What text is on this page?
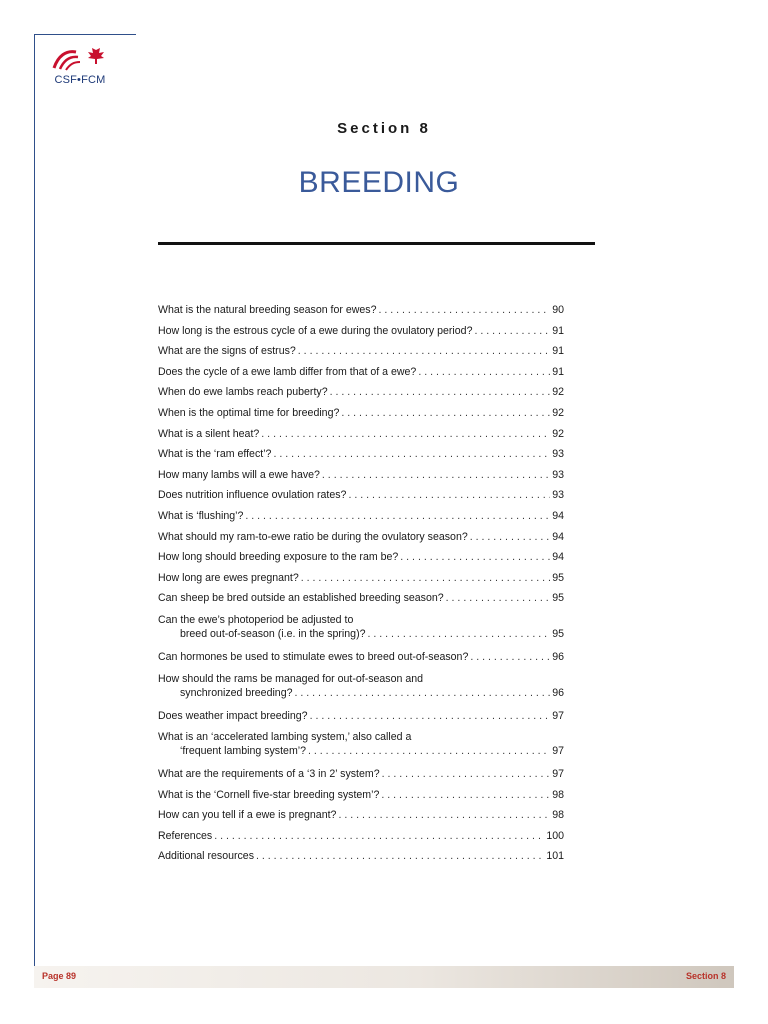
CSF•FCM
Section 8
BREEDING
What is the natural breeding season for ewes? . . .	90
How long is the estrous cycle of a ewe during the ovulatory period? . . .	91
What are the signs of estrus? . . .	91
Does the cycle of a ewe lamb differ from that of a ewe? . . .	91
When do ewe lambs reach puberty? . . .	92
When is the optimal time for breeding? . . .	92
What is a silent heat? . . .	92
What is the ‘ram effect’? . . .	93
How many lambs will a ewe have? . . .	93
Does nutrition influence ovulation rates? . . .	93
What is ‘flushing’? . . .	94
What should my ram-to-ewe ratio be during the ovulatory season? . . .	94
How long should breeding exposure to the ram be? . . .	94
How long are ewes pregnant? . . .	95
Can sheep be bred outside an established breeding season? . . .	95
Can the ewe’s photoperiod be adjusted to
breed out-of-season (i.e. in the spring)? . . .	95
Can hormones be used to stimulate ewes to breed out-of-season? . . .	96
How should the rams be managed for out-of-season and
synchronized breeding? . . .	96
Does weather impact breeding? . . .	97
What is an ‘accelerated lambing system,’ also called a
‘frequent lambing system’? . . .	97
What are the requirements of a ‘3 in 2’ system? . . .	97
What is the ‘Cornell five-star breeding system’? . . .	98
How can you tell if a ewe is pregnant? . . .	98
References . . .	100
Additional resources . . .	101
Page 89	Section 8
